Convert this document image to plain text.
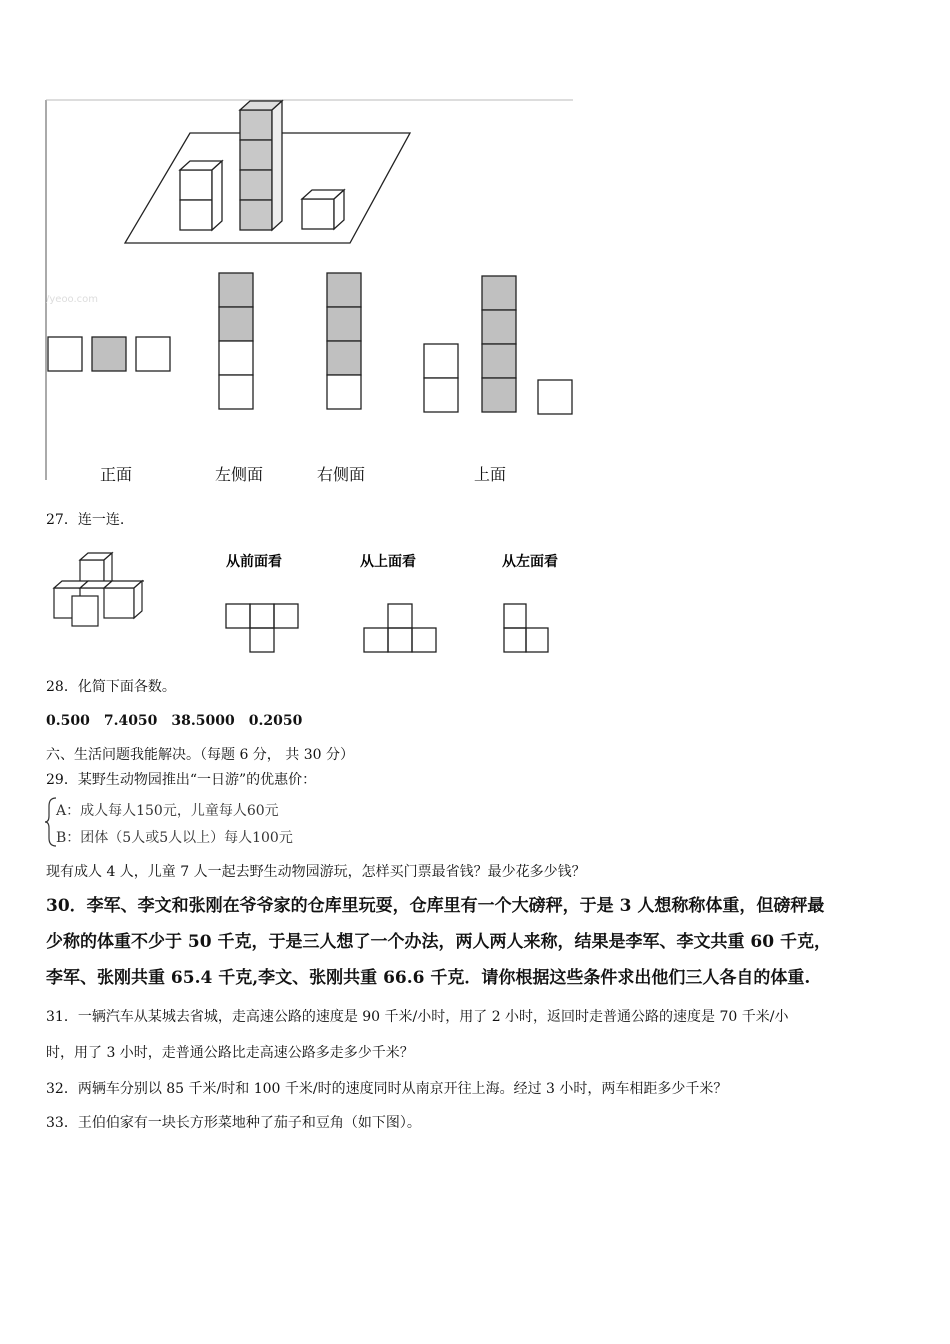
/yeoo.com
正面	左侧面	右侧面	上面
27．连一连.
从前面看	从上面看	从左面看
28．化简下面各数。
0.500　7.4050　38.5000　0.2050
六、生活问题我能解决。（每题 6 分， 共 30 分）
29．某野生动物园推出“一日游”的优惠价：
A：成人每人150元，儿童每人60元
B：团体（5人或5人以上）每人100元
现有成人 4 人，儿童 7 人一起去野生动物园游玩，怎样买门票最省钱？最少花多少钱？
30．李军、李文和张刚在爷爷家的仓库里玩耍，仓库里有一个大磅秤，于是 3 人想称称体重，但磅秤最
少称的体重不少于 50 千克，于是三人想了一个办法，两人两人来称，结果是李军、李文共重 60 千克，
李军、张刚共重 65.4 千克,李文、张刚共重 66.6 千克．请你根据这些条件求出他们三人各自的体重.
31．一辆汽车从某城去省城，走高速公路的速度是 90 千米/小时，用了 2 小时，返回时走普通公路的速度是 70 千米/小
时，用了 3 小时，走普通公路比走高速公路多走多少千米？
32．两辆车分别以 85 千米/时和 100 千米/时的速度同时从南京开往上海。经过 3 小时，两车相距多少千米？
33．王伯伯家有一块长方形菜地种了茄子和豆角（如下图）。
